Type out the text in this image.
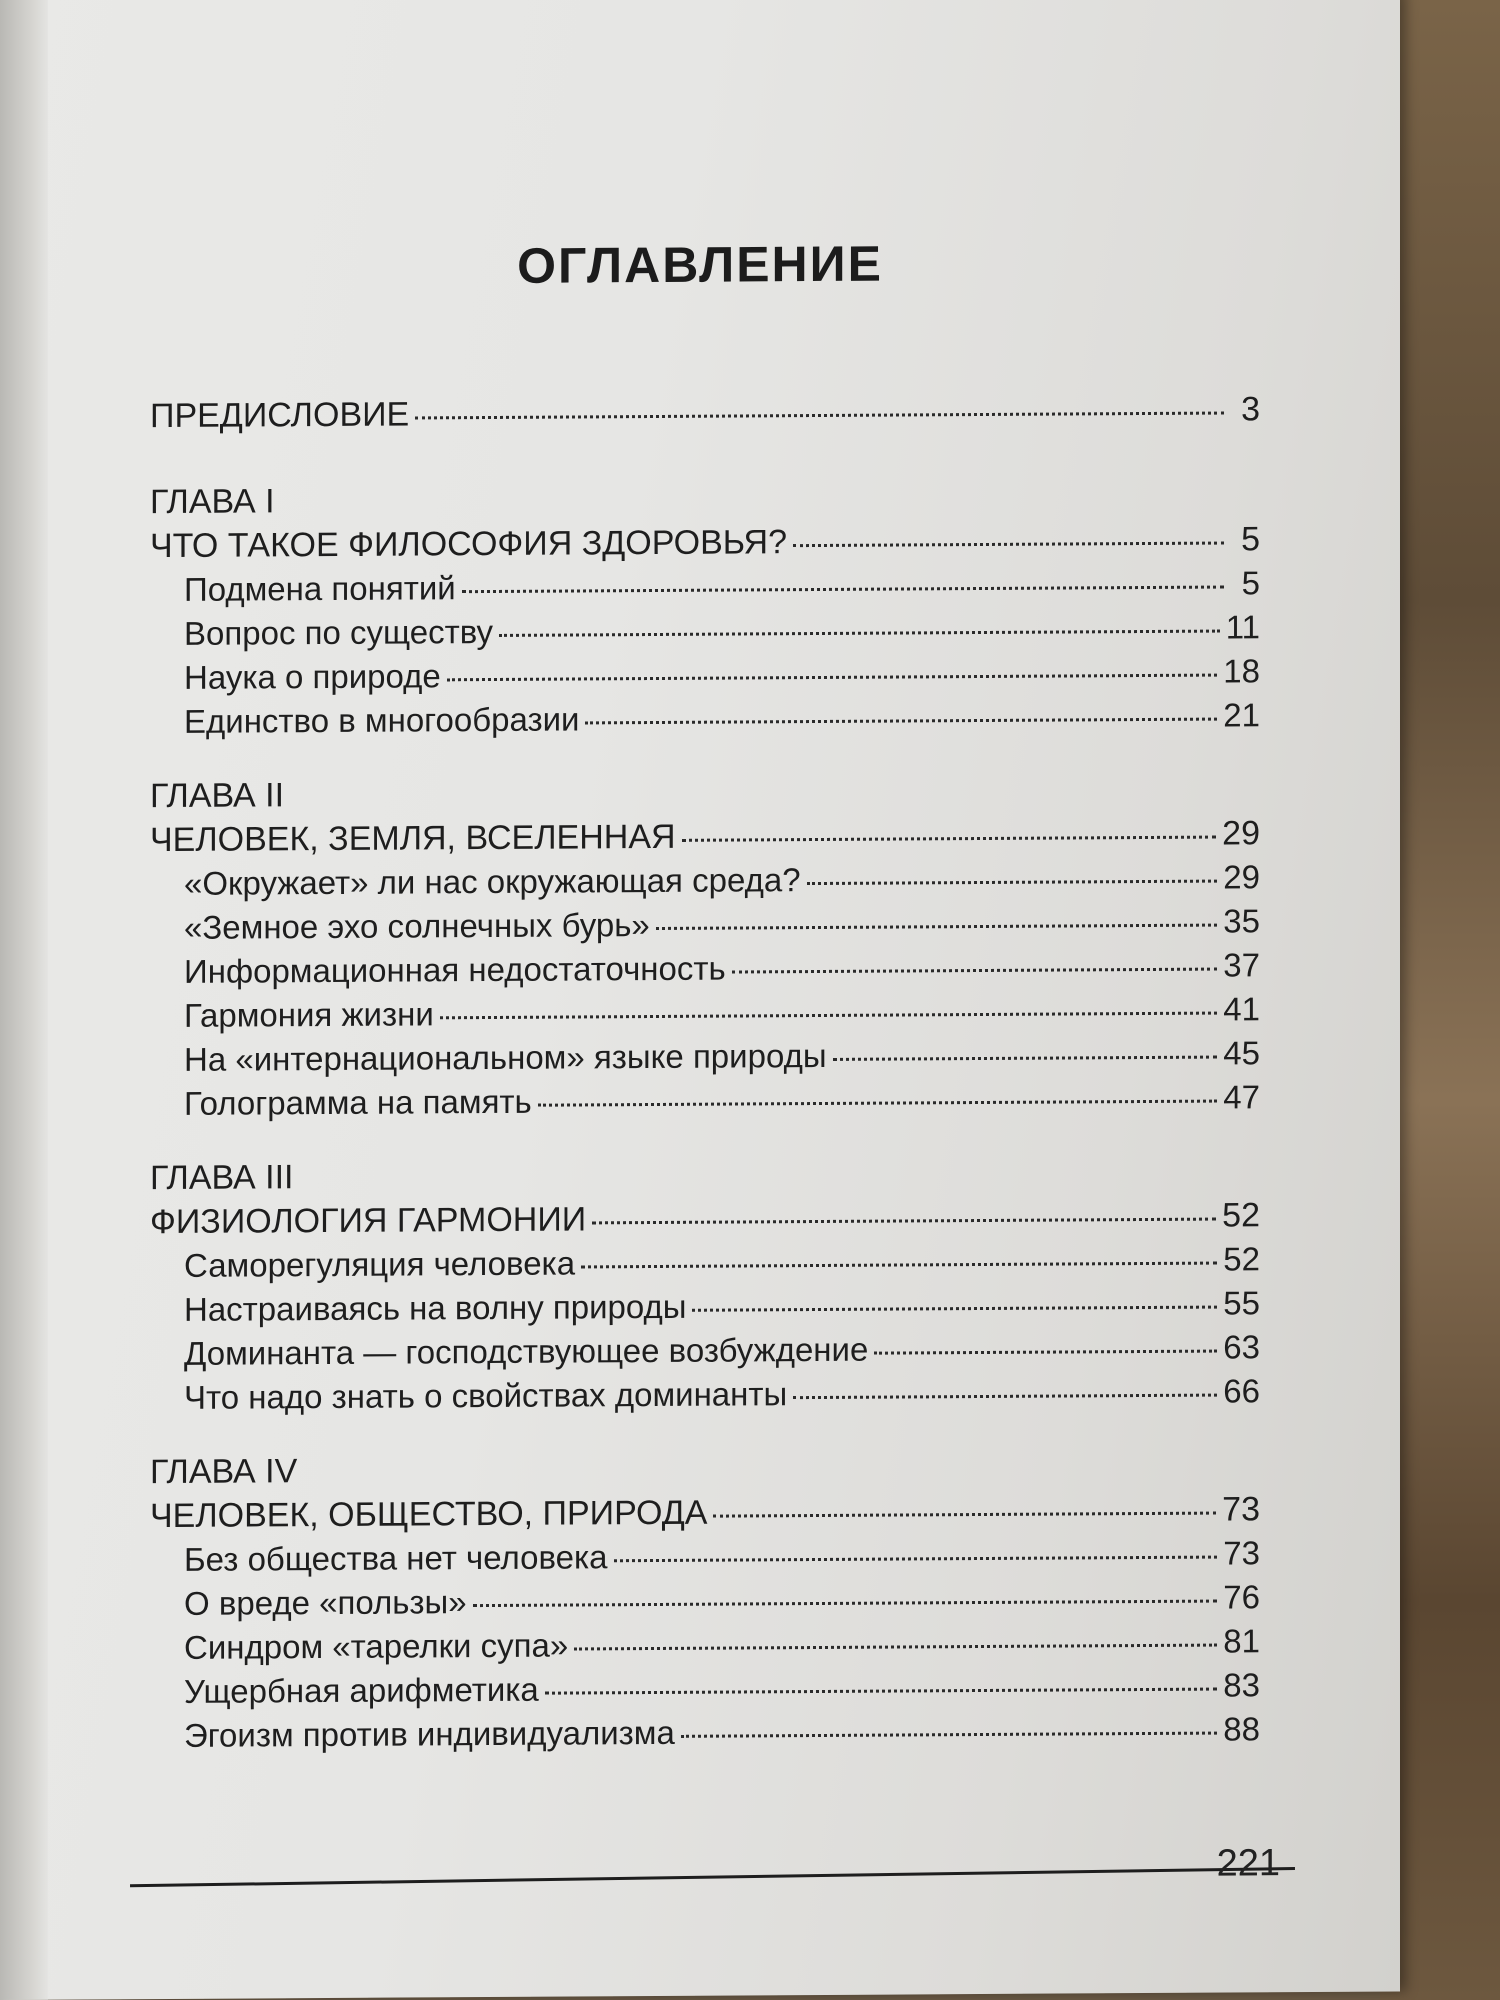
ОГЛАВЛЕНИЕ
ПРЕДИСЛОВИЕ	3
ГЛАВА I
ЧТО ТАКОЕ ФИЛОСОФИЯ ЗДОРОВЬЯ?	5
Подмена понятий	5
Вопрос по существу	11
Наука о природе	18
Единство в многообразии	21
ГЛАВА II
ЧЕЛОВЕК, ЗЕМЛЯ, ВСЕЛЕННАЯ	29
«Окружает» ли нас окружающая среда?	29
«Земное эхо солнечных бурь»	35
Информационная недостаточность	37
Гармония жизни	41
На «интернациональном» языке природы	45
Голограмма на память	47
ГЛАВА III
ФИЗИОЛОГИЯ ГАРМОНИИ	52
Саморегуляция человека	52
Настраиваясь на волну природы	55
Доминанта — господствующее возбуждение	63
Что надо знать о свойствах доминанты	66
ГЛАВА IV
ЧЕЛОВЕК, ОБЩЕСТВО, ПРИРОДА	73
Без общества нет человека	73
О вреде «пользы»	76
Синдром «тарелки супа»	81
Ущербная арифметика	83
Эгоизм против индивидуализма	88
221
